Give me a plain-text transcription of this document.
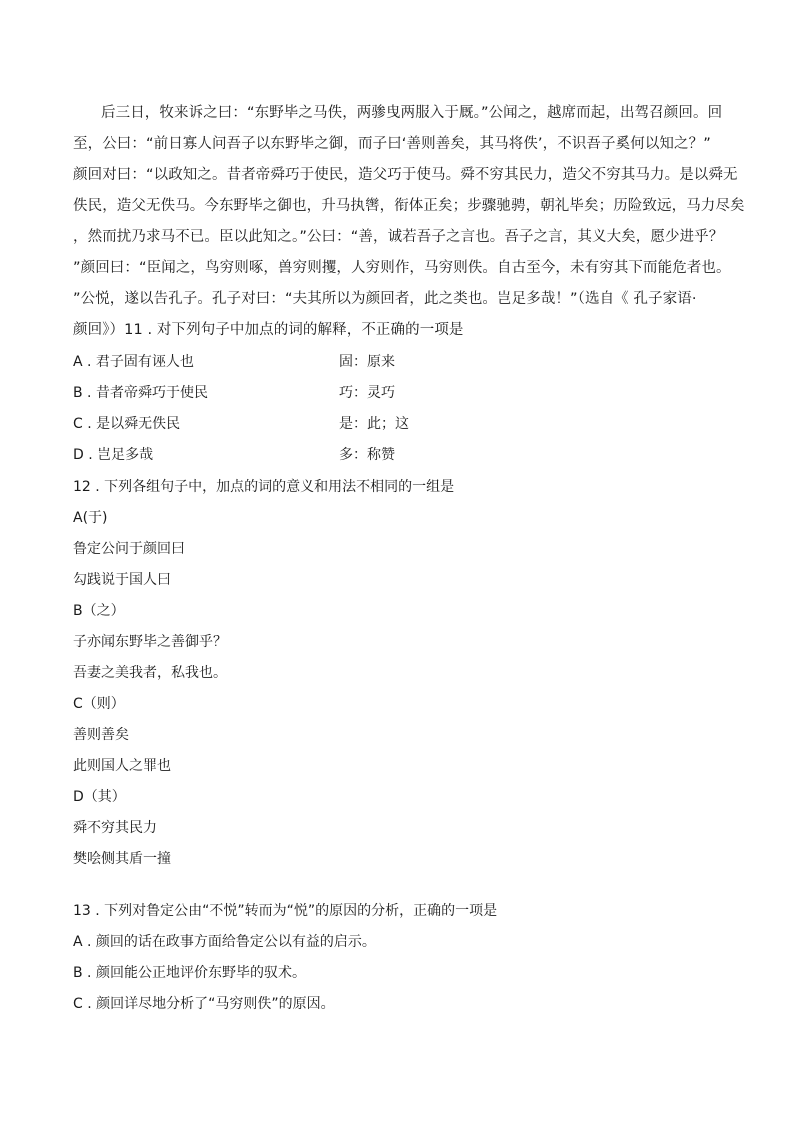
后三日，牧来诉之曰：“东野毕之马佚，两骖曳两服入于厩。”公闻之，越席而起，出驾召颜回。回
至，公曰：“前日寡人问吾子以东野毕之御，而子曰‘善则善矣，其马将佚’，不识吾子奚何以知之？”
颜回对曰：“以政知之。昔者帝舜巧于使民，造父巧于使马。舜不穷其民力，造父不穷其马力。是以舜无
佚民，造父无佚马。今东野毕之御也，升马执辔，衔体正矣；步骤驰骋，朝礼毕矣；历险致远，马力尽矣
，然而扰乃求马不已。臣以此知之。”公曰：“善，诚若吾子之言也。吾子之言，其义大矣，愿少进乎？
”颜回曰：“臣闻之，鸟穷则啄，兽穷则攫，人穷则作，马穷则佚。自古至今，未有穷其下而能危者也。
”公悦，遂以告孔子。孔子对曰：“夫其所以为颜回者，此之类也。岂足多哉！”（选自《 孔子家语·
颜回》）11 . 对下列句子中加点的词的解释，不正确的一项是
A . 君子固有诬人也	固：原来
B . 昔者帝舜巧于使民	巧：灵巧
C . 是以舜无佚民	是：此；这
D . 岂足多哉	多：称赞
12 . 下列各组句子中，加点的词的意义和用法不相同的一组是
A(于)
鲁定公问于颜回曰
勾践说于国人曰
B（之）
子亦闻东野毕之善御乎？
吾妻之美我者，私我也。
C（则）
善则善矣
此则国人之罪也
D（其）
舜不穷其民力
樊哙侧其盾一撞
13 . 下列对鲁定公由“不悦”转而为“悦”的原因的分析，正确的一项是
A . 颜回的话在政事方面给鲁定公以有益的启示。
B . 颜回能公正地评价东野毕的驭术。
C . 颜回详尽地分析了“马穷则佚”的原因。
